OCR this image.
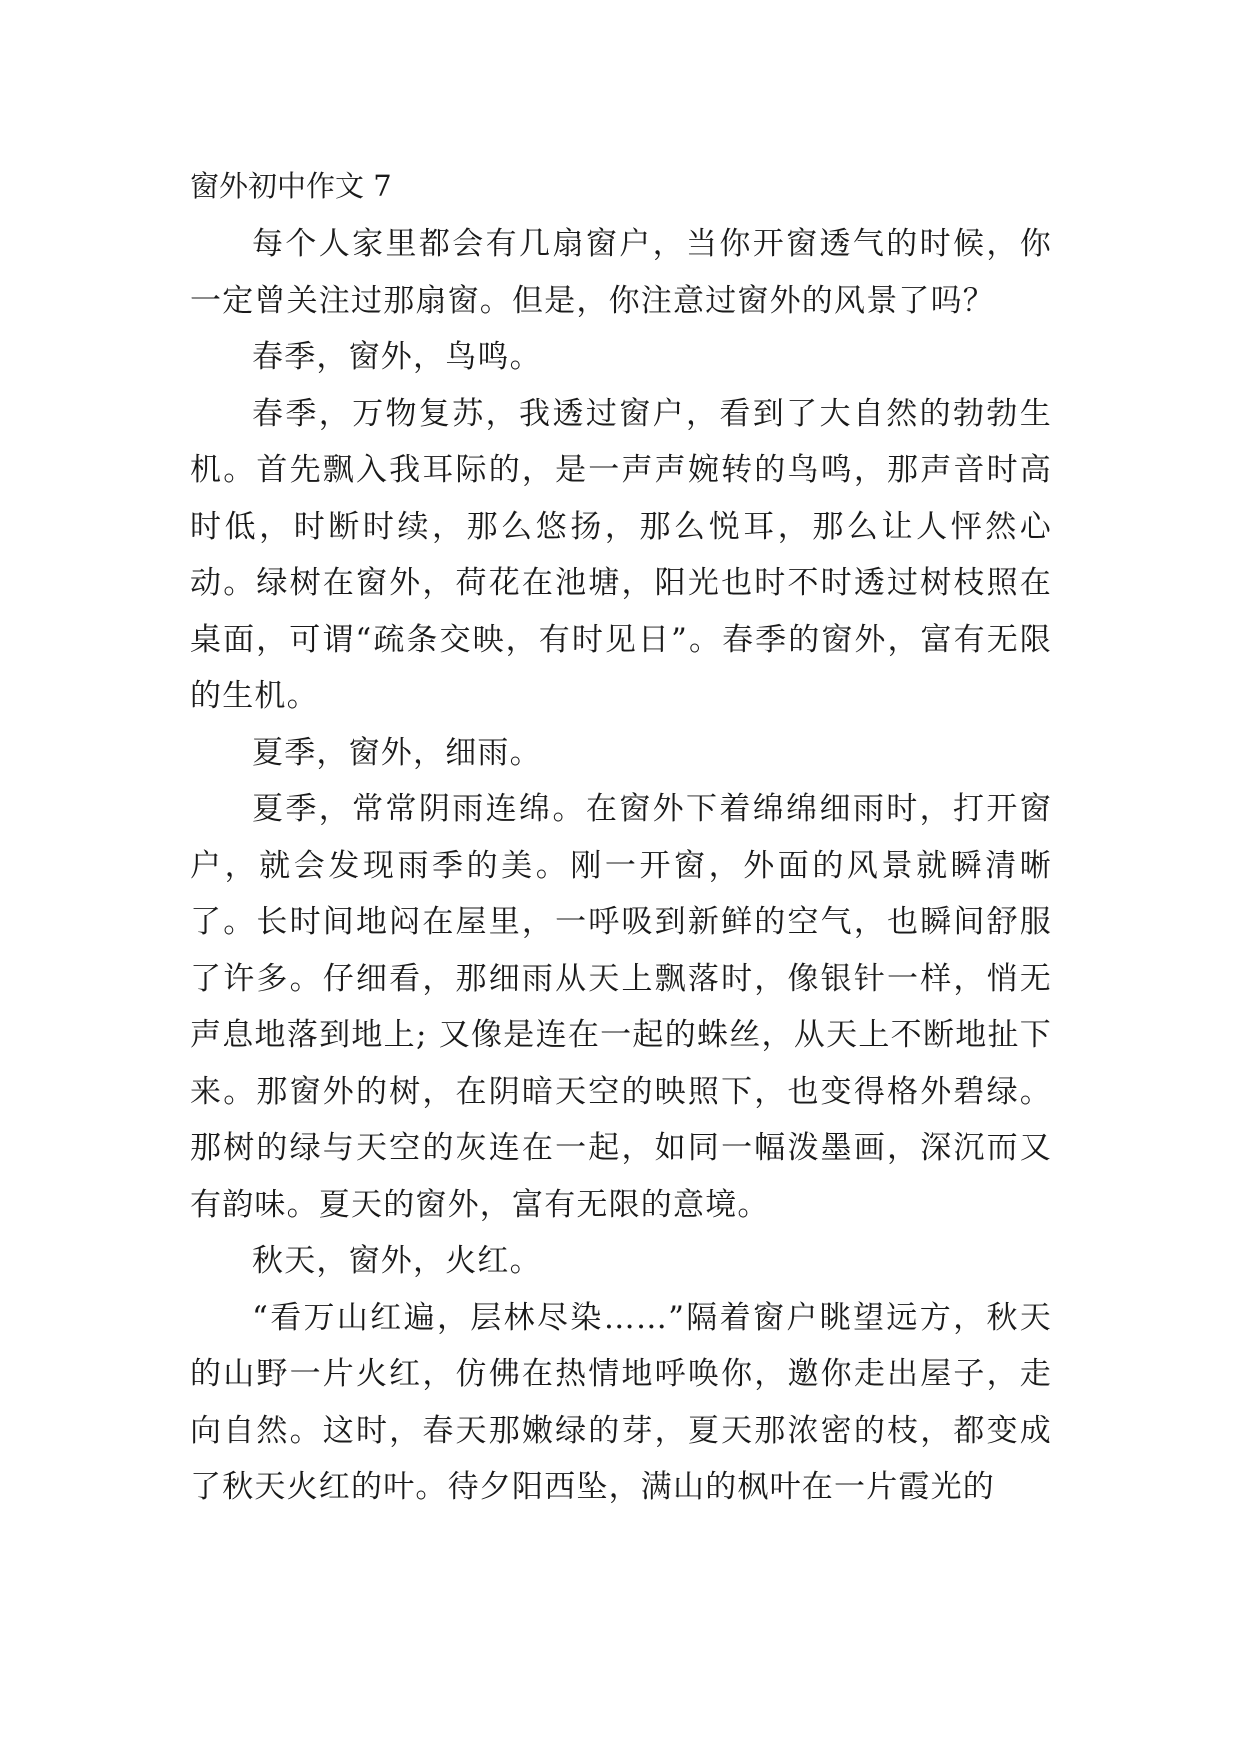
窗外初中作文 7

每个人家里都会有几扇窗户，当你开窗透气的时候，你一定曾关注过那扇窗。但是，你注意过窗外的风景了吗？

春季，窗外，鸟鸣。

春季，万物复苏，我透过窗户，看到了大自然的勃勃生机。首先飘入我耳际的，是一声声婉转的鸟鸣，那声音时高时低，时断时续，那么悠扬，那么悦耳，那么让人怦然心动。绿树在窗外，荷花在池塘，阳光也时不时透过树枝照在桌面，可谓“疏条交映，有时见日”。春季的窗外，富有无限的生机。

夏季，窗外，细雨。

夏季，常常阴雨连绵。在窗外下着绵绵细雨时，打开窗户，就会发现雨季的美。刚一开窗，外面的风景就瞬清晰了。长时间地闷在屋里，一呼吸到新鲜的空气，也瞬间舒服了许多。仔细看，那细雨从天上飘落时，像银针一样，悄无声息地落到地上; 又像是连在一起的蛛丝，从天上不断地扯下来。那窗外的树，在阴暗天空的映照下，也变得格外碧绿。那树的绿与天空的灰连在一起，如同一幅泼墨画，深沉而又有韵味。夏天的窗外，富有无限的意境。

秋天，窗外，火红。

“看万山红遍，层林尽染……”隔着窗户眺望远方，秋天的山野一片火红，仿佛在热情地呼唤你，邀你走出屋子，走向自然。这时，春天那嫩绿的芽，夏天那浓密的枝，都变成了秋天火红的叶。待夕阳西坠，满山的枫叶在一片霞光的
